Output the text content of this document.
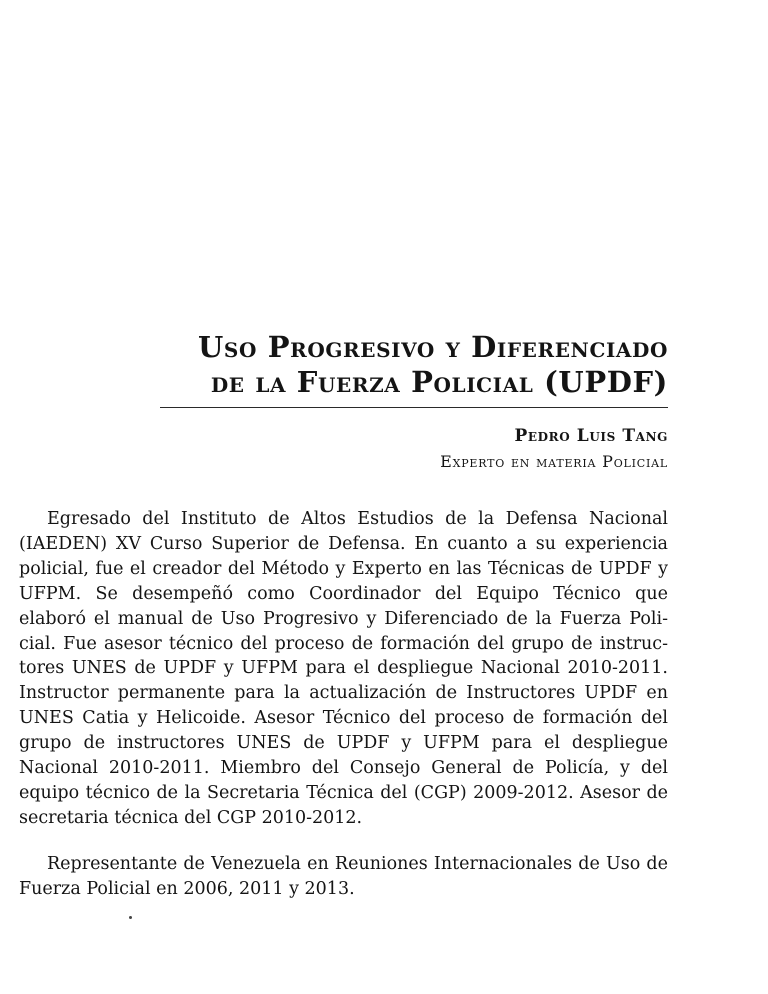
Uso Progresivo y Diferenciado
de la Fuerza Policial (UPDF)
Pedro Luis Tang
Experto en materia Policial

Egresado del Instituto de Altos Estudios de la Defensa Nacional (IAEDEN) XV Curso Superior de Defensa. En cuanto a su experiencia policial, fue el creador del Método y Experto en las Técnicas de UPDF y UFPM. Se desempeñó como Coordinador del Equipo Técnico que elaboró el manual de Uso Progresivo y Diferenciado de la Fuerza Policial. Fue asesor técnico del proceso de formación del grupo de instructores UNES de UPDF y UFPM para el despliegue Nacional 2010-2011. Instructor permanente para la actualización de Instructores UPDF en UNES Catia y Helicoide. Asesor Técnico del proceso de formación del grupo de instructores UNES de UPDF y UFPM para el despliegue Nacional 2010-2011. Miembro del Consejo General de Policía, y del equipo técnico de la Secretaria Técnica del (CGP) 2009-2012. Asesor de secretaria técnica del CGP 2010-2012.

Representante de Venezuela en Reuniones Internacionales de Uso de Fuerza Policial en 2006, 2011 y 2013.
